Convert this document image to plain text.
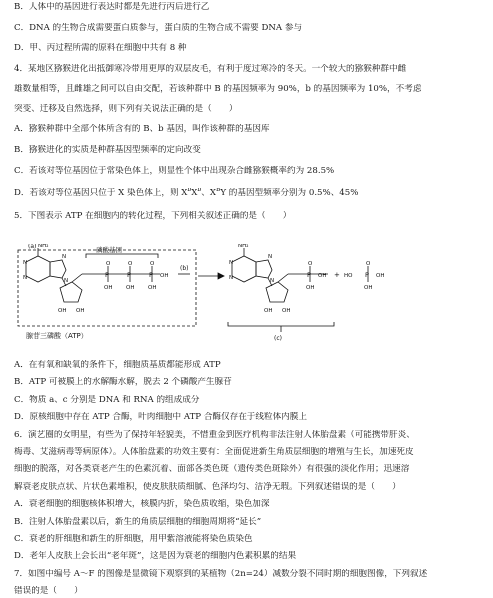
B．人体中的基因进行表达时都是先进行丙后进行乙
C．DNA 的生物合成需要蛋白质参与，蛋白质的生物合成不需要 DNA 参与
D．甲、丙过程所需的原料在细胞中共有 8 种
4．某地区猕猴进化出抵御寒冷带用更厚的双层皮毛，有利于度过寒冷的冬天。一个较大的猕猴种群中雌
雄数量相等，且雌雄之间可以自由交配，若该种群中 B 的基因频率为 90%，b 的基因频率为 10%，不考虑
突变、迁移及自然选择，则下列有关说法正确的是（　　）
A．猕猴种群中全部个体所含有的 B、b 基因，叫作该种群的基因库
B．猕猴进化的实质是种群基因型频率的定向改变
C．若该对等位基因位于常染色体上，则显性个体中出现杂合雌猕猴概率约为 28.5%
D．若该对等位基因只位于 X 染色体上，则 $X^bX^b$、$X^BY$ 的基因型频率分别为 0.5%、45%
5．下图表示 ATP 在细胞内的转化过程，下列相关叙述正确的是（　　）
(a) NH₂
N
N
N
N
磷酸基团
P	P	P
O	O	O
OH OH OH
OH
(b)
OH OH
腺苷三磷酸（ATP）
NH₂
N
N
N
N
P
O
OH
OH + HO P OH
O
OH
OH OH
(c)
A．在有氧和缺氧的条件下，细胞质基质都能形成 ATP
B．ATP 可被膜上的水解酶水解，脱去 2 个磷酸产生腺苷
C．物质 a、c 分别是 DNA 和 RNA 的组成成分
D．原核细胞中存在 ATP 合酶，叶肉细胞中 ATP 合酶仅存在于线粒体内膜上
6．演艺圈的女明星，有些为了保持年轻貌美，不惜重金到医疗机构非法注射人体胎盘素（可能携带肝炎、
梅毒、艾滋病毒等病原体）。人体胎盘素的功效主要有：全面促进新生角质层细胞的增殖与生长，加速死皮
细胞的脱落，对各类衰老产生的色素沉着、面部各类色斑（遗传类色斑除外）有很强的淡化作用；迅速溶
解衰老皮肤点状、片状色素堆积，使皮肤肤质细腻、色泽均匀、洁净无瑕。下列叙述错误的是（　　）
A．衰老细胞的细胞核体积增大，核膜内折，染色质收缩，染色加深
B．注射人体胎盘素以后，新生的角质层细胞的细胞周期将“延长”
C．衰老的肝细胞和新生的肝细胞，用甲紫溶液能将染色质染色
D．老年人皮肤上会长出“老年斑”，这是因为衰老的细胞内色素积累的结果
7．如图中编号 A～F 的图像是显微镜下观察到的某植物（2n=24）减数分裂不同时期的细胞图像，下列叙述
错误的是（　　）
